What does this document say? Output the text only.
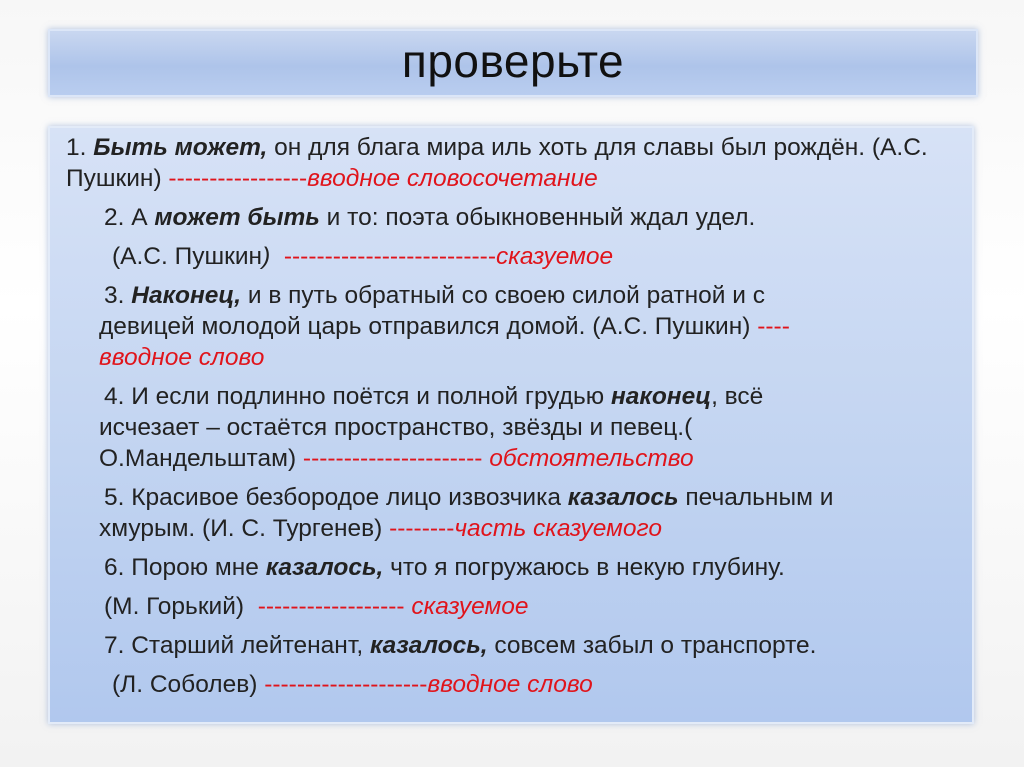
проверьте
1. Быть может, он для блага мира иль хоть для славы был рождён. (А.С. Пушкин) -----------------вводное словосочетание
2. А может быть и то: поэта обыкновенный ждал удел.
(А.С. Пушкин) --------------------------сказуемое
3. Наконец, и в путь обратный со своею силой ратной и с
девицей молодой царь отправился домой. (А.С. Пушкин) ----
вводное слово
4. И если подлинно поётся и полной грудью наконец, всё
исчезает – остаётся пространство, звёзды и певец.(
О.Мандельштам) ---------------------- обстоятельство
5. Красивое безбородое лицо извозчика казалось печальным и
хмурым. (И. С. Тургенев) --------часть сказуемого
6. Порою мне казалось, что я погружаюсь в некую глубину.
(М. Горький)  ------------------ сказуемое
7. Старший лейтенант, казалось, совсем забыл о транспорте.
(Л. Соболев) --------------------вводное слово
